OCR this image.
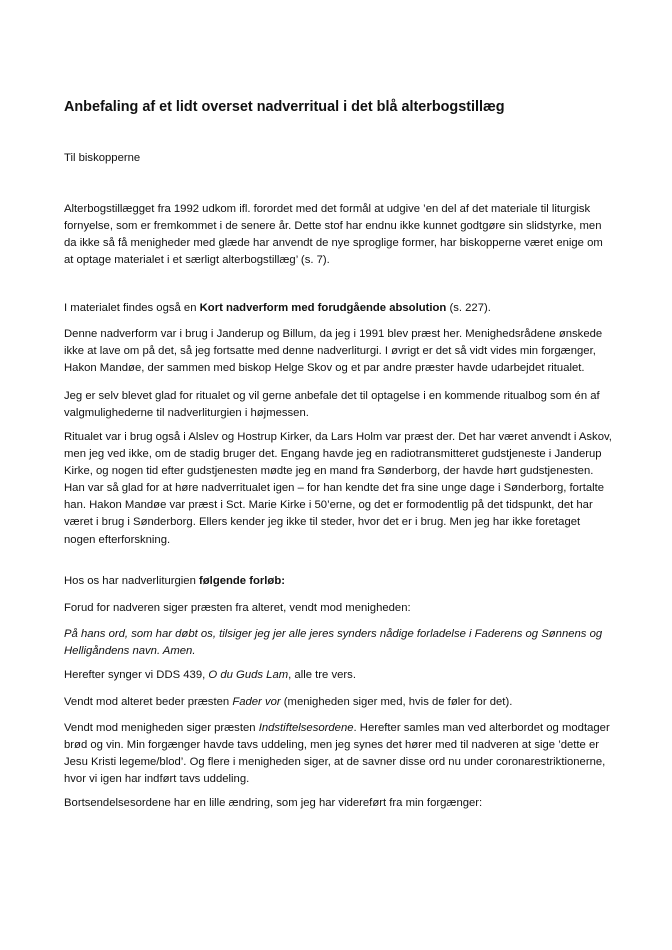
Anbefaling af et lidt overset nadverritual i det blå alterbogstillæg
Til biskopperne
Alterbogstillægget fra 1992 udkom ifl. forordet med det formål at udgive ’en del af det materiale til liturgisk fornyelse, som er fremkommet i de senere år. Dette stof har endnu ikke kunnet godtgøre sin slidstyrke, men da ikke så få menigheder med glæde har anvendt de nye sproglige former, har biskopperne været enige om at optage materialet i et særligt alterbogstillæg’ (s. 7).
I materialet findes også en Kort nadverform med forudgående absolution (s. 227).
Denne nadverform var i brug i Janderup og Billum, da jeg i 1991 blev præst her. Menighedsrådene ønskede ikke at lave om på det, så jeg fortsatte med denne nadverliturgi. I øvrigt er det så vidt vides min forgænger, Hakon Mandøe, der sammen med biskop Helge Skov og et par andre præster havde udarbejdet ritualet.
Jeg er selv blevet glad for ritualet og vil gerne anbefale det til optagelse i en kommende ritualbog som én af valgmulighederne til nadverliturgien i højmessen.
Ritualet var i brug også i Alslev og Hostrup Kirker, da Lars Holm var præst der. Det har været anvendt i Askov, men jeg ved ikke, om de stadig bruger det. Engang havde jeg en radiotransmitteret gudstjeneste i Janderup Kirke, og nogen tid efter gudstjenesten mødte jeg en mand fra Sønderborg, der havde hørt gudstjenesten. Han var så glad for at høre nadverritualet igen – for han kendte det fra sine unge dage i Sønderborg, fortalte han. Hakon Mandøe var præst i Sct. Marie Kirke i 50’erne, og det er formodentlig på det tidspunkt, det har været i brug i Sønderborg. Ellers kender jeg ikke til steder, hvor det er i brug. Men jeg har ikke foretaget nogen efterforskning.
Hos os har nadverliturgien følgende forløb:
Forud for nadveren siger præsten fra alteret, vendt mod menigheden:
På hans ord, som har døbt os, tilsiger jeg jer alle jeres synders nådige forladelse i Faderens og Sønnens og Helligåndens navn. Amen.
Herefter synger vi DDS 439, O du Guds Lam, alle tre vers.
Vendt mod alteret beder præsten Fader vor (menigheden siger med, hvis de føler for det).
Vendt mod menigheden siger præsten Indstiftelsesordene. Herefter samles man ved alterbordet og modtager brød og vin. Min forgænger havde tavs uddeling, men jeg synes det hører med til nadveren at sige ’dette er Jesu Kristi legeme/blod’. Og flere i menigheden siger, at de savner disse ord nu under coronarestriktionerne, hvor vi igen har indført tavs uddeling.
Bortsendelsesordene har en lille ændring, som jeg har videreført fra min forgænger:
